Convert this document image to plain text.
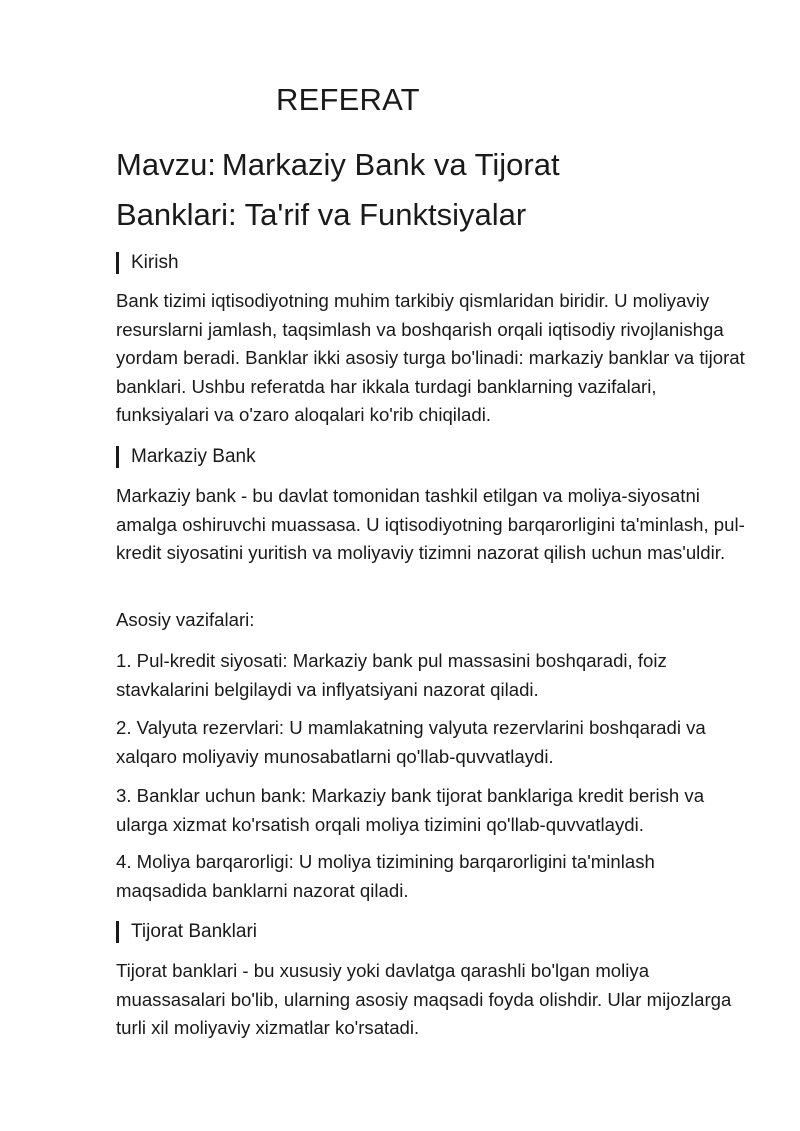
REFERAT
Mavzu: Markaziy Bank va Tijorat
Banklari: Ta'rif va Funktsiyalar
Kirish

Bank tizimi iqtisodiyotning muhim tarkibiy qismlaridan biridir. U moliyaviy resurslarni jamlash, taqsimlash va boshqarish orqali iqtisodiy rivojlanishga yordam beradi. Banklar ikki asosiy turga bo'linadi: markaziy banklar va tijorat banklari. Ushbu referatda har ikkala turdagi banklarning vazifalari, funksiyalari va o'zaro aloqalari ko'rib chiqiladi.

Markaziy Bank

Markaziy bank - bu davlat tomonidan tashkil etilgan va moliya-siyosatni amalga oshiruvchi muassasa. U iqtisodiyotning barqarorligini ta'minlash, pul-kredit siyosatini yuritish va moliyaviy tizimni nazorat qilish uchun mas'uldir.

Asosiy vazifalari:

1. Pul-kredit siyosati: Markaziy bank pul massasini boshqaradi, foiz stavkalarini belgilaydi va inflyatsiyani nazorat qiladi.

2. Valyuta rezervlari: U mamlakatning valyuta rezervlarini boshqaradi va xalqaro moliyaviy munosabatlarni qo'llab-quvvatlaydi.

3. Banklar uchun bank: Markaziy bank tijorat banklariga kredit berish va ularga xizmat ko'rsatish orqali moliya tizimini qo'llab-quvvatlaydi.

4. Moliya barqarorligi: U moliya tizimining barqarorligini ta'minlash maqsadida banklarni nazorat qiladi.

Tijorat Banklari

Tijorat banklari - bu xususiy yoki davlatga qarashli bo'lgan moliya muassasalari bo'lib, ularning asosiy maqsadi foyda olishdir. Ular mijozlarga turli xil moliyaviy xizmatlar ko'rsatadi.
